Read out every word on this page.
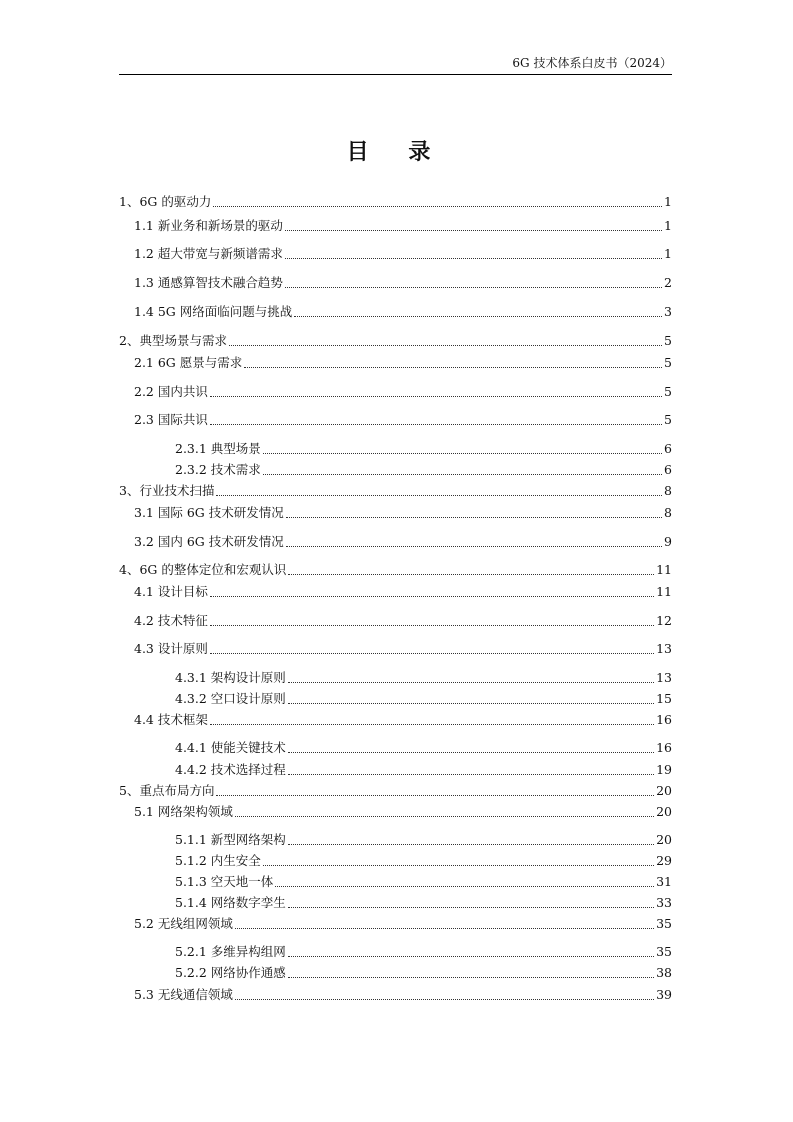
6G 技术体系白皮书（2024）
目 录
1、6G 的驱动力	1
1.1 新业务和新场景的驱动	1
1.2 超大带宽与新频谱需求	1
1.3 通感算智技术融合趋势	2
1.4 5G 网络面临问题与挑战	3
2、典型场景与需求	5
2.1 6G 愿景与需求	5
2.2 国内共识	5
2.3 国际共识	5
2.3.1 典型场景	6
2.3.2 技术需求	6
3、行业技术扫描	8
3.1 国际 6G 技术研发情况	8
3.2 国内 6G 技术研发情况	9
4、6G 的整体定位和宏观认识	11
4.1 设计目标	11
4.2 技术特征	12
4.3 设计原则	13
4.3.1 架构设计原则	13
4.3.2 空口设计原则	15
4.4 技术框架	16
4.4.1 使能关键技术	16
4.4.2 技术选择过程	19
5、重点布局方向	20
5.1 网络架构领域	20
5.1.1 新型网络架构	20
5.1.2 内生安全	29
5.1.3 空天地一体	31
5.1.4 网络数字孪生	33
5.2 无线组网领域	35
5.2.1 多维异构组网	35
5.2.2 网络协作通感	38
5.3 无线通信领域	39
